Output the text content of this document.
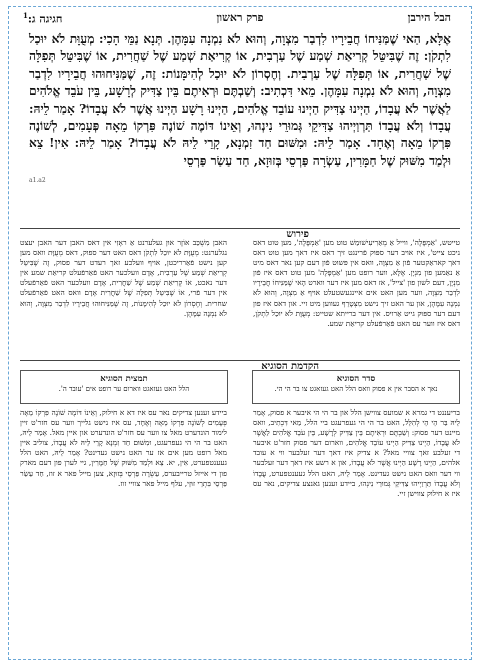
הבל הירבן
פרק ראשון
חגיגה ג:$^1$
אֶלָּא, הַאי שֶׁמַּנִּיחוֹ חֲבֵירָיו לִדְבַר מִצְוָה, וְהוּא לֹא נִמְנָה עִמָּהֶן. תְּנָא נַמֵּי הָכִי: מְעֻוָּת לֹא יוּכַל לִתְקֹן: זֶה שֶׁבִּיטֵּל קְרִיאַת שְׁמַע שֶׁל עַרְבִית, אוֹ קְרִיאַת שְׁמַע שֶׁל שַׁחֲרִית, אוֹ שֶׁבִּיטֵּל תְּפִלָּה שֶׁל שַׁחֲרִית, אוֹ תְּפִלָּה שֶׁל עַרְבִית. וְחֶסְרוֹן לֹא יוּכַל לְהִימָּנוֹת: זֶה, שֶׁמַּנִּיחוּהוּ חֲבֵירָיו לִדְבַר מִצְוָה, וְהוּא לֹא נִמְנָה עִמָּהֶן. מֵאי דִּכְתִיב: וְשַׁבְתֶּם וּרְאִיתֶם בֵּין צַדִּיק לְרָשָׁע, בֵּין עֹבֵד אֱלֹהִים לַאֲשֶׁר לֹא עֲבָדוֹ, הַיְינוּ צַדִּיק הַיְינוּ עוֹבֵד אֱלֹהִים, הַיְינוּ רָשָׁע הַיְינוּ אֲשֶׁר לֹא עֲבָדוֹ? אָמַר לֵיהּ: עֲבָדוֹ וְלֹא עֲבָדוֹ תַּרְוַיְיהוּ צַדִּיקֵי גְּמוּרֵי נִינְהוּ, וְאֵינוֹ דּוֹמֶה שׁוֹנֶה פִּרְקוֹ מֵאָה פְּעָמִים, לְשׁוֹנֶה פִּרְקוֹ מֵאָה וְאֶחָד. אָמַר לֵיהּ: וּמִשּׁוּם חַד זִמְנָא, קָרֵי לֵיהּ לֹא עֲבָדוֹ? אָמַר לֵיהּ: אִין! צֵא וּלְמַד מִשּׁוּק שֶׁל חַמָּרִין, עַשְׂרָה פַּרְסֵי בְּזוּזָא, חַד עַשַׂר פַּרְסֵי
a1.a2
פירוש
טייטש, 'אַמְפָּלֶה', ווייל אַ מְאַרִיעִישׁוּמַשׁ טוט מען 'אַמְפָּלֶה', מען טוט דאס ניכט צייט', איז אויב דער ספּוּק פֿרינגט זיך דאס איז דאך מען טוט דאס דאך קאראַקטער פֿון אַ מִצְוָה, וואס אין פּשוּט פֿון דעם קען נאר דאס מיט אַ נאַמען פון מִנְיָן. אֶלָּא, ווער רופט מען 'אַמְפָּלֶה' מען טוט דאס איז פֿון מִנְיָן, דעם לשון פון 'צייל', אז דאס מען איז דער ווארט הָאי שֶׁמַּנִּיחוֹ חֲבֵירָיו לִדְבַר מִצְוָה, ווער מען האט אים איינגעשטעלט אויף אַ מִצְוָה, וְהוּא לֹא נִמְנָה עִמָּהֶן, און ער האט זיך נישט מִצְטָרֵף געווען מיט זיי. און דאס איז פון דעם דער ספּוּק גייט אַרויס. אין דער ברייתא שטייט: מְעֻוָּת לֹא יוּכַל לִתְקֹן, דאס איז ווער עס האט פֿאַרפֿעלט קריאַת שמע.
האבן מִשְׁכַּב אוֹזֶר אוּן געלערנט אַ ראָזִי אין דאס האבן דער האבן יעצט נגלערנט: מְעֻוָּת לֹא יוּכַל לִתְקֹן דאס האט דער ספוק, דאס מְעֻוָּת וואס מען קען נישט פֿאַרריכטן, אויף וועלכע זאך רעדט דער פסוק, זֶה שֶׁבִּיטֵּל קְרִיאַת שְׁמַע שֶׁל עַרְבִית, אָדָם וועלכער האט פֿאַרפֿעלט קריאַת שמע אין דער נאכט, אוֹ קְרִיאַת שְׁמַע שֶׁל שַׁחֲרִית, אָדָם וועלכער האט פֿאַרפֿעלט אין דער פֿרי, אוֹ שֶׁבִּיטֵּל תְּפִלָּה שֶׁל שַׁחֲרִית אָדָם וואס האט פֿאַרפֿעלט שחרית. וְחֶסְרוֹן לֹא יוּכַל לְהִימָּנוֹת, זֶה שֶׁמַּנִּיחוּהוּ חֲבֵירָיו לִדְבַר מִצְוָה, וְהוּא לֹא נִמְנָה עִמָּהֶן.
הקדמת הסוגיא
סדר הסוגיא
נאך א הסבר אין א פסוק וואס הלל האט געזאגט צו בר הי הי.
תמצית הסוגיא
הלל האט געזאגט ווארום ער רופט אים 'עובד ה'.
בריעננט די גמרא א שמועס צווישן הלל און בר הי הי איבער א פסוק, אָמַר לֵיהּ בַּר הֵי הֵי לְהִלֵּל, האט בר הי הי געפרעגט ביי הלל, מַאי דִּכְתִיב, וואס מיינט דער פסוק: וְשַׁבְתֶּם וּרְאִיתֶם בֵּין צַדִּיק לְרָשָׁע, בֵּין עֹבֵד אֱלֹהִים לַאֲשֶׁר לֹא עֲבָדוֹ, הַיְינוּ צַדִּיק הַיְינוּ עוֹבֵד אֱלֹהִים, ווארום דער פסוק חזר'ט איבער די זעלבע זאך צוויי מאל? א צדיק איז דאך דער זעלבער ווי א עובד אלהים, הַיְינוּ רָשָׁע הַיְינוּ אֲשֶׁר לֹא עֲבָדוֹ, און א רשע איז דאך דער זעלבער ווי דער וואס האט נישט געדינט. אָמַר לֵיהּ, האט הלל געענטפערט, עֲבָדוֹ וְלֹא עֲבָדוֹ תַּרְוַיְיהוּ צַדִּיקֵי גְּמוּרֵי נִינְהוּ, ביידע זענען גאנצע צדיקים, נאר עס איז א חילוק צווישן זיי.
ביידע זענען צדיקים נאר עס איז דא א חילוק, וְאֵינוֹ דּוֹמֶה שׁוֹנֶה פִּרְקוֹ מֵאָה פְּעָמִים לְשׁוֹנֶה פִּרְקוֹ מֵאָה וְאֶחָד, עס איז נישט גלייך ווער עס חזר'ט זיין לימוד הונדערט מאל צו ווער עס חזר'ט הונדערט און איין מאל. אָמַר לֵיהּ, האט בר הי הי געפרעגט, וּמִשּׁוּם חַד זִמְנָא קָרֵי לֵיהּ לֹא עֲבָדוֹ, צוליב איין מאל רופט מען אים אז ער האט נישט געדינט? אָמַר לֵיהּ, האט הלל געענטפערט, אִין, יא. צֵא וּלְמַד מִשּׁוּק שֶׁל חַמָּרִין, גיי לערן פון דעם מארק פון די אייזל טרייבערס, עַשְׂרָה פַּרְסֵי בְּזוּזָא, צען מייל פאר א זוז, חַד עַשַׂר פַּרְסֵי בִּתְרֵי זוּזֵי, עלף מייל פאר צוויי זוז.
